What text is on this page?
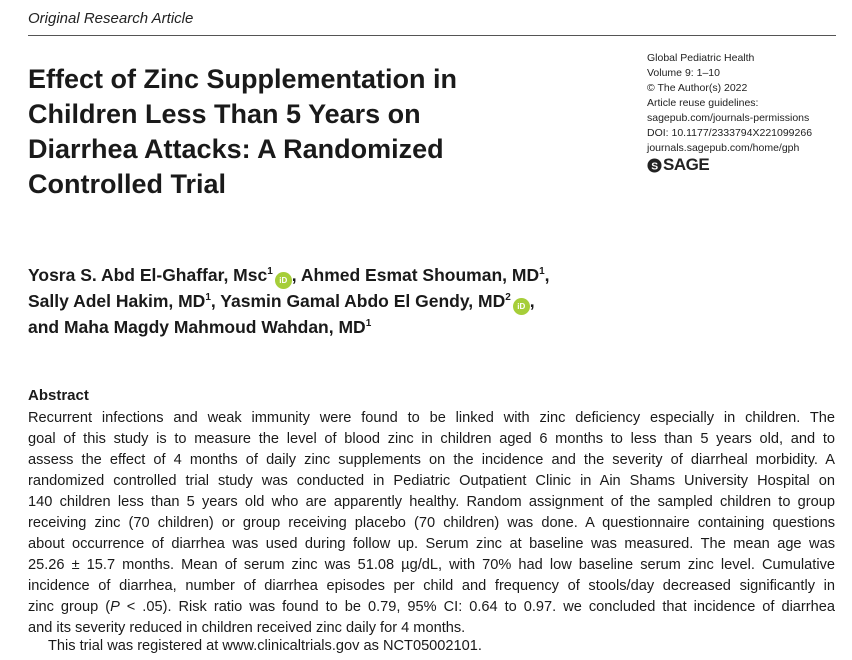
Original Research Article
Effect of Zinc Supplementation in
Children Less Than 5 Years on
Diarrhea Attacks: A Randomized
Controlled Trial
Global Pediatric Health
Volume 9: 1–10
© The Author(s) 2022
Article reuse guidelines:
sagepub.com/journals-permissions
DOI: 10.1177/2333794X221099266
journals.sagepub.com/home/gph
S SAGE
Yosra S. Abd El-Ghaffar, Msc$^1$iD , Ahmed Esmat Shouman, $MD^1$,
Sally Adel Hakim, $MD^1$, Yasmin Gamal Abdo El Gendy, $MD^2iD$ ,
and Maha Magdy Mahmoud Wahdan, $MD^1$
Abstract
Recurrent infections and weak immunity were found to be linked with zinc deficiency especially in children. The
goal of this study is to measure the level of blood zinc in children aged 6 months to less than 5 years old, and to
assess the effect of 4 months of daily zinc supplements on the incidence and the severity of diarrheal morbidity. A
randomized controlled trial study was conducted in Pediatric Outpatient Clinic in Ain Shams University Hospital on
140 children less than 5 years old who are apparently healthy. Random assignment of the sampled children to group
receiving zinc (70 children) or group receiving placebo (70 children) was done. A questionnaire containing questions
about occurrence of diarrhea was used during follow up. Serum zinc at baseline was measured. The mean age was
25.26 ± 15.7 months. Mean of serum zinc was 51.08 µg/dL, with 70% had low baseline serum zinc level. Cumulative
incidence of diarrhea, number of diarrhea episodes per child and frequency of stools/day decreased significantly in
zinc group (P < .05). Risk ratio was found to be 0.79, 95% CI: 0.64 to 0.97. we concluded that incidence of diarrhea
and its severity reduced in children received zinc daily for 4 months.
This trial was registered at www.clinicaltrials.gov as NCT05002101.
